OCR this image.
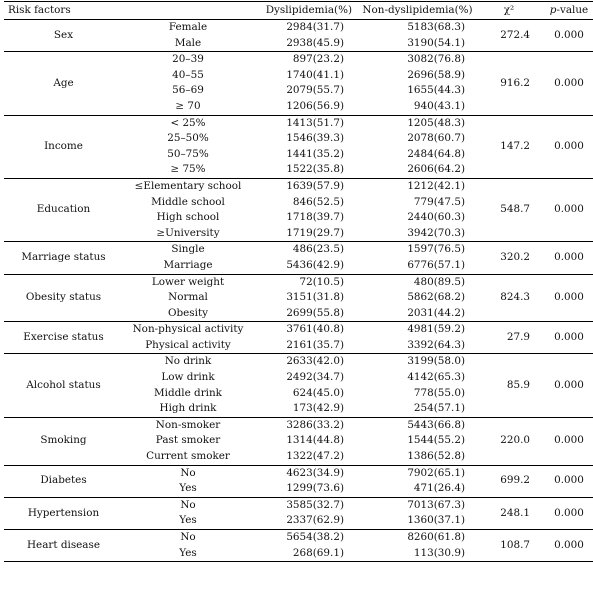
Risk factors		Dyslipidemia(%)	Non-dyslipidemia(%)	χ²	p-value
Sex	Female	2984(31.7)	5183(68.3)	272.4	0.000
	Male	2938(45.9)	3190(54.1)		
Age	20–39	897(23.2)	3082(76.8)	916.2	0.000
	40–55	1740(41.1)	2696(58.9)		
	56–69	2079(55.7)	1655(44.3)		
	≥ 70	1206(56.9)	940(43.1)		
Income	< 25%	1413(51.7)	1205(48.3)	147.2	0.000
	25–50%	1546(39.3)	2078(60.7)		
	50–75%	1441(35.2)	2484(64.8)		
	≥ 75%	1522(35.8)	2606(64.2)		
Education	≤Elementary school	1639(57.9)	1212(42.1)	548.7	0.000
	Middle school	846(52.5)	779(47.5)		
	High school	1718(39.7)	2440(60.3)		
	≥University	1719(29.7)	3942(70.3)		
Marriage status	Single	486(23.5)	1597(76.5)	320.2	0.000
	Marriage	5436(42.9)	6776(57.1)		
Obesity status	Lower weight	72(10.5)	480(89.5)	824.3	0.000
	Normal	3151(31.8)	5862(68.2)		
	Obesity	2699(55.8)	2031(44.2)		
Exercise status	Non-physical activity	3761(40.8)	4981(59.2)	27.9	0.000
	Physical activity	2161(35.7)	3392(64.3)		
Alcohol status	No drink	2633(42.0)	3199(58.0)	85.9	0.000
	Low drink	2492(34.7)	4142(65.3)		
	Middle drink	624(45.0)	778(55.0)		
	High drink	173(42.9)	254(57.1)		
Smoking	Non-smoker	3286(33.2)	5443(66.8)	220.0	0.000
	Past smoker	1314(44.8)	1544(55.2)		
	Current smoker	1322(47.2)	1386(52.8)		
Diabetes	No	4623(34.9)	7902(65.1)	699.2	0.000
	Yes	1299(73.6)	471(26.4)		
Hypertension	No	3585(32.7)	7013(67.3)	248.1	0.000
	Yes	2337(62.9)	1360(37.1)		
Heart disease	No	5654(38.2)	8260(61.8)	108.7	0.000
	Yes	268(69.1)	113(30.9)		
